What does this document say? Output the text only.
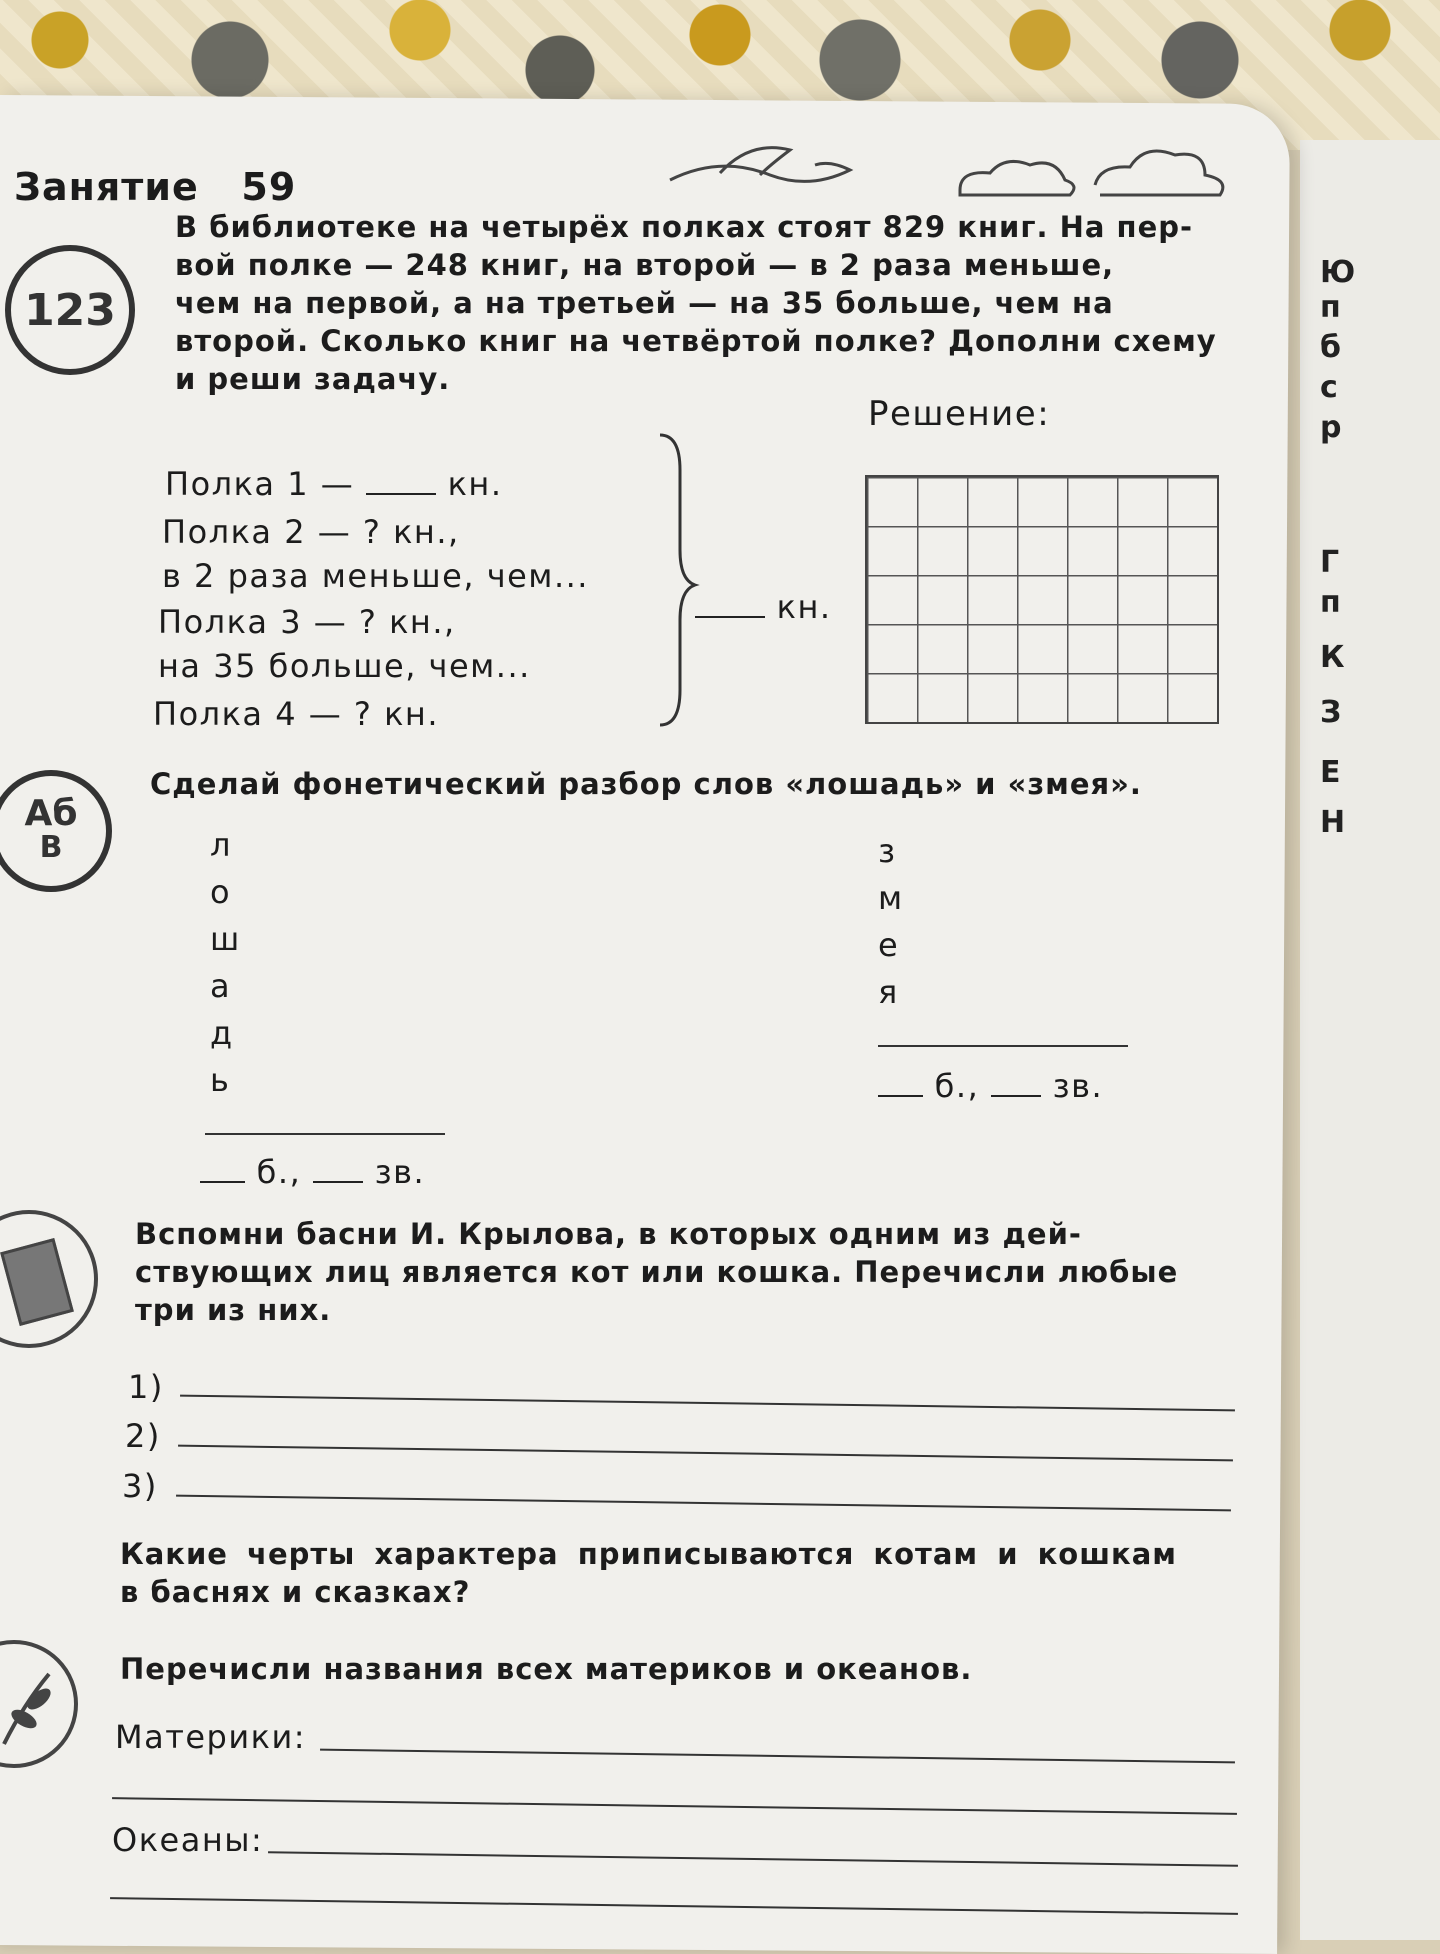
Ю
п
б
с
р
Г
п
К
З
Е
Н
Занятие 59
123
В библиотеке на четырёх полках стоят 829 книг. На пер-
вой полке — 248 книг, на второй — в 2 раза меньше,
чем на первой, а на третьей — на 35 больше, чем на
второй. Сколько книг на четвёртой полке? Дополни схему
и реши задачу.
Решение:
Полка 1 —	кн.
Полка 2 — ? кн.,
в 2 раза меньше, чем...
Полка 3 — ? кн.,
на 35 больше, чем...
Полка 4 — ? кн.
кн.
Аб
В
Сделай фонетический разбор слов «лошадь» и «змея».
л
о
ш
а
д
ь
б., зв.
з
м
е
я
б., зв.
Вспомни басни И. Крылова, в которых одним из дей-
ствующих лиц является кот или кошка. Перечисли любые
три из них.
1)
2)
3)
Какие черты характера приписываются котам и кошкам
в баснях и сказках?
Перечисли названия всех материков и океанов.
Материки:
Океаны:
